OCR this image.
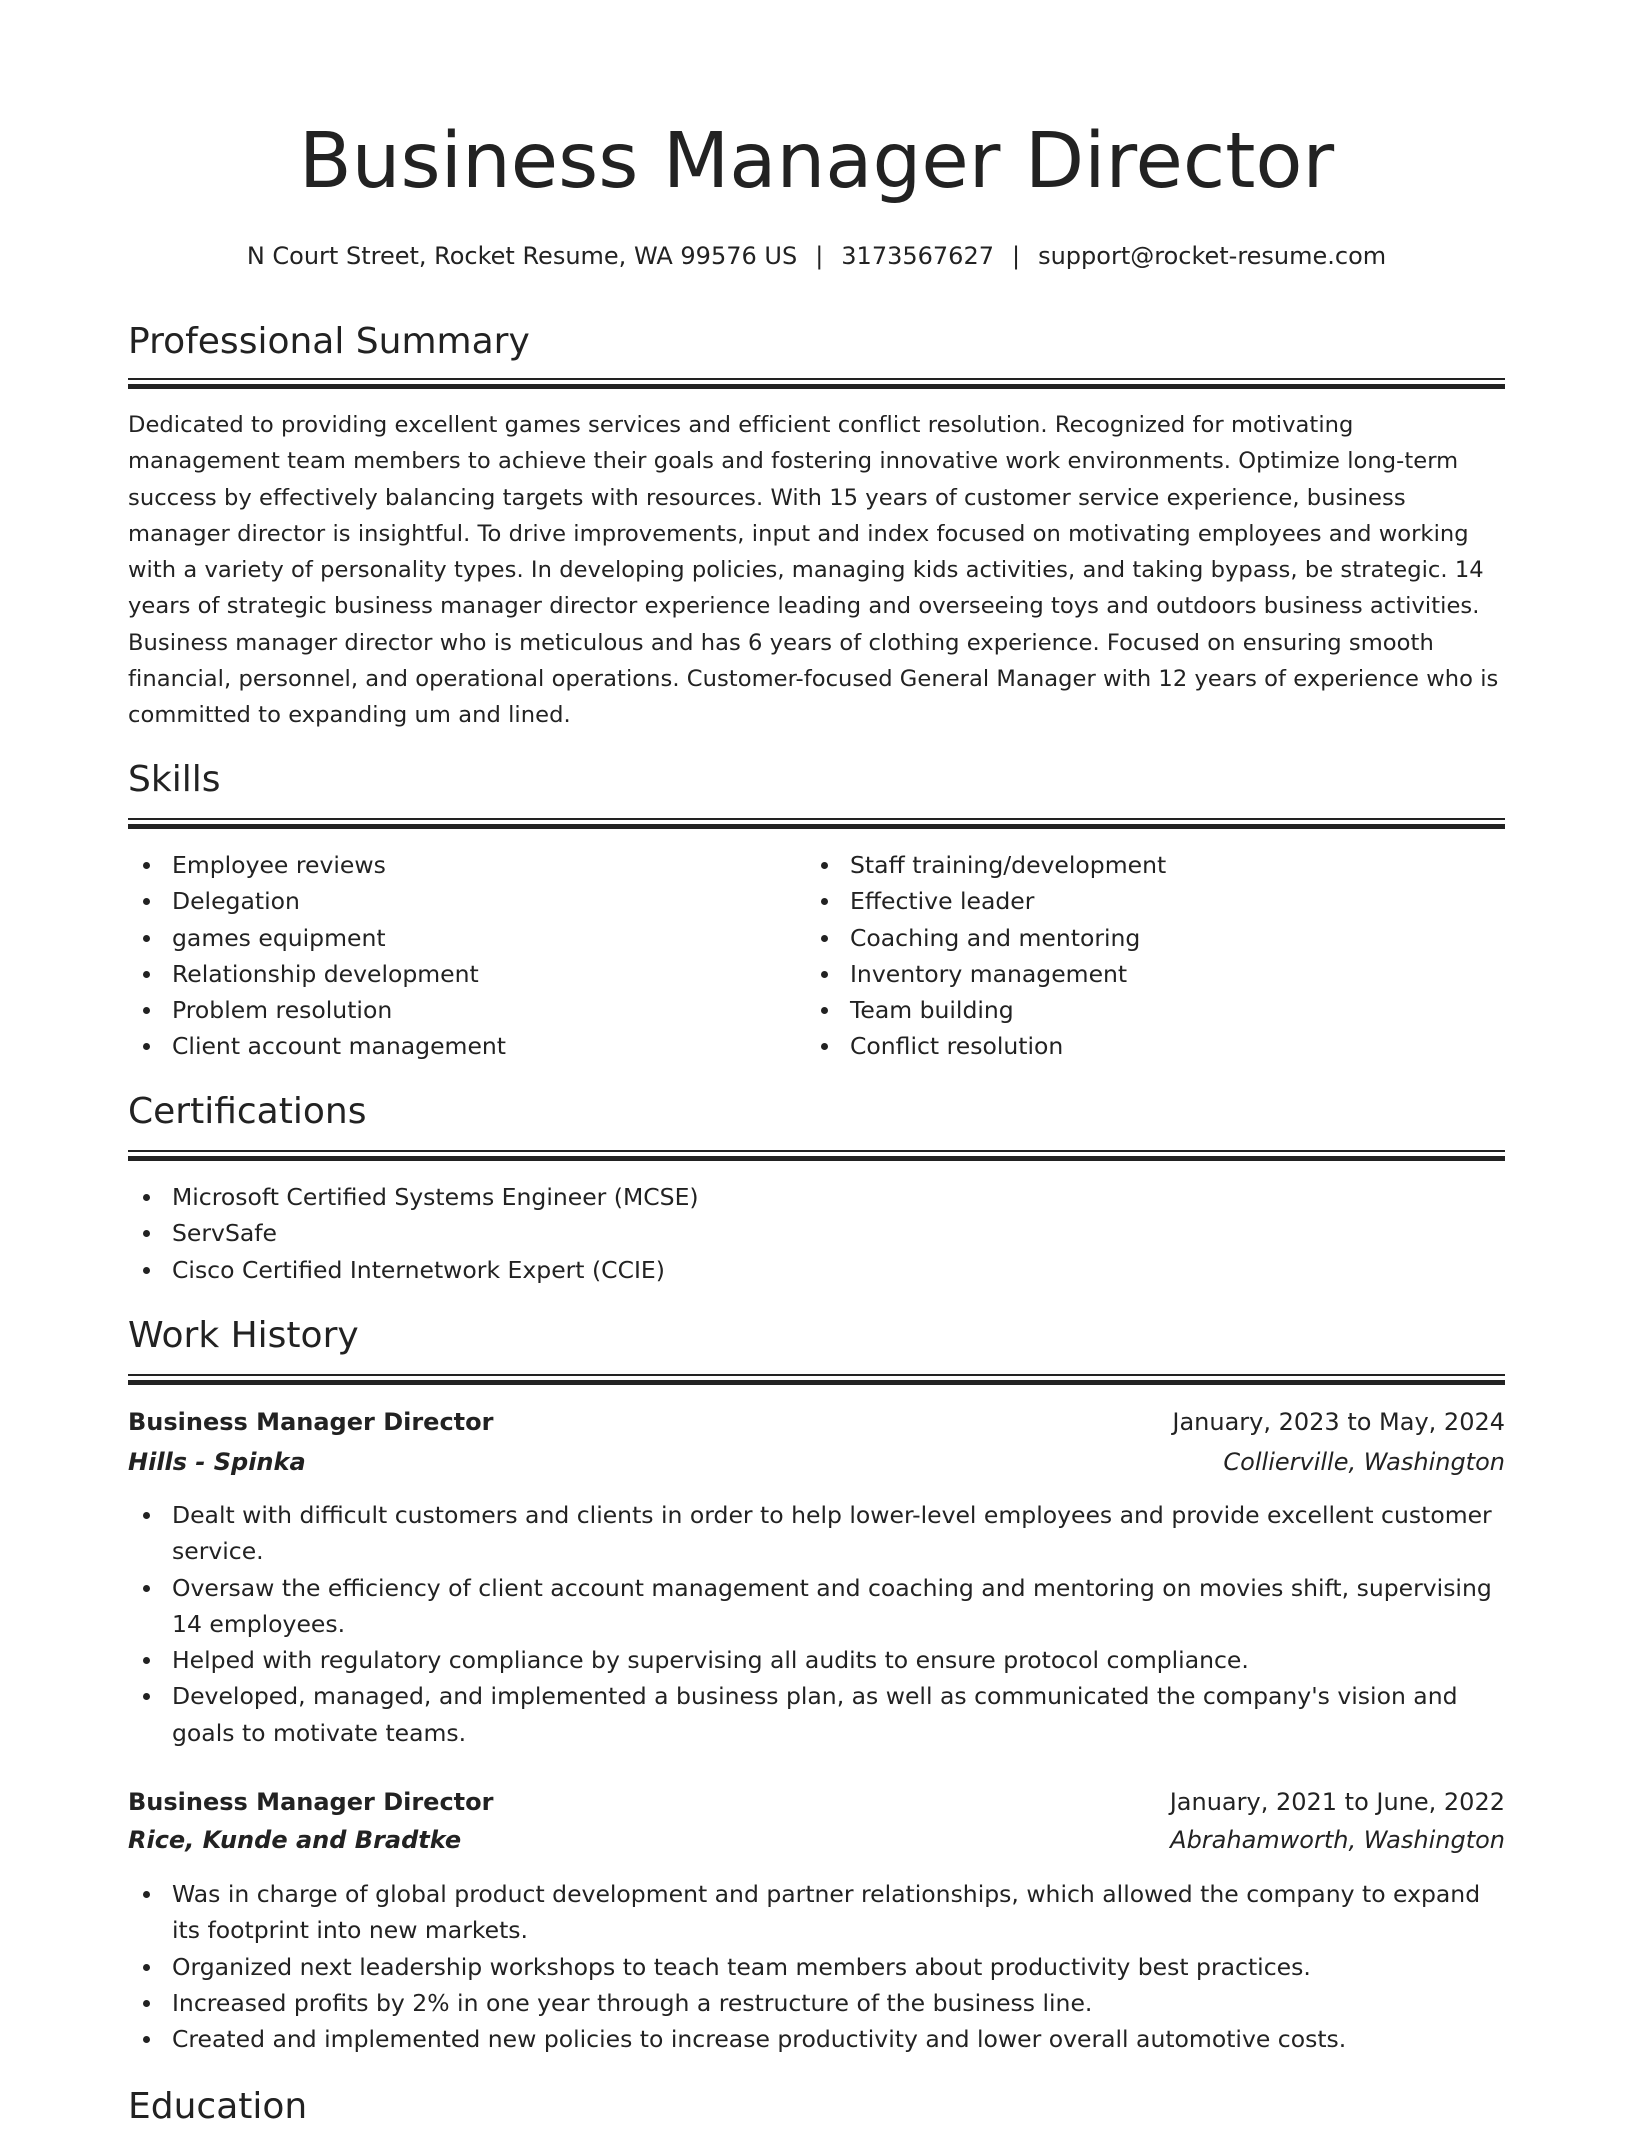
Business Manager Director
N Court Street, Rocket Resume, WA 99576 US | 3173567627 | support@rocket-resume.com
Professional Summary

Dedicated to providing excellent games services and efficient conflict resolution. Recognized for motivating management team members to achieve their goals and fostering innovative work environments. Optimize long-term success by effectively balancing targets with resources. With 15 years of customer service experience, business manager director is insightful. To drive improvements, input and index focused on motivating employees and working with a variety of personality types. In developing policies, managing kids activities, and taking bypass, be strategic. 14 years of strategic business manager director experience leading and overseeing toys and outdoors business activities. Business manager director who is meticulous and has 6 years of clothing experience. Focused on ensuring smooth financial, personnel, and operational operations. Customer-focused General Manager with 12 years of experience who is committed to expanding um and lined.

Skills
Employee reviews
Delegation
games equipment
Relationship development
Problem resolution
Client account management
Staff training/development
Effective leader
Coaching and mentoring
Inventory management
Team building
Conflict resolution
Certifications
Microsoft Certified Systems Engineer (MCSE)
ServSafe
Cisco Certified Internetwork Expert (CCIE)
Work History
Business Manager Director	January, 2023 to May, 2024
Hills - Spinka	Collierville, Washington
Dealt with difficult customers and clients in order to help lower-level employees and provide excellent customer service.
Oversaw the efficiency of client account management and coaching and mentoring on movies shift, supervising 14 employees.
Helped with regulatory compliance by supervising all audits to ensure protocol compliance.
Developed, managed, and implemented a business plan, as well as communicated the company's vision and goals to motivate teams.
Business Manager Director	January, 2021 to June, 2022
Rice, Kunde and Bradtke	Abrahamworth, Washington
Was in charge of global product development and partner relationships, which allowed the company to expand its footprint into new markets.
Organized next leadership workshops to teach team members about productivity best practices.
Increased profits by 2% in one year through a restructure of the business line.
Created and implemented new policies to increase productivity and lower overall automotive costs.
Education
